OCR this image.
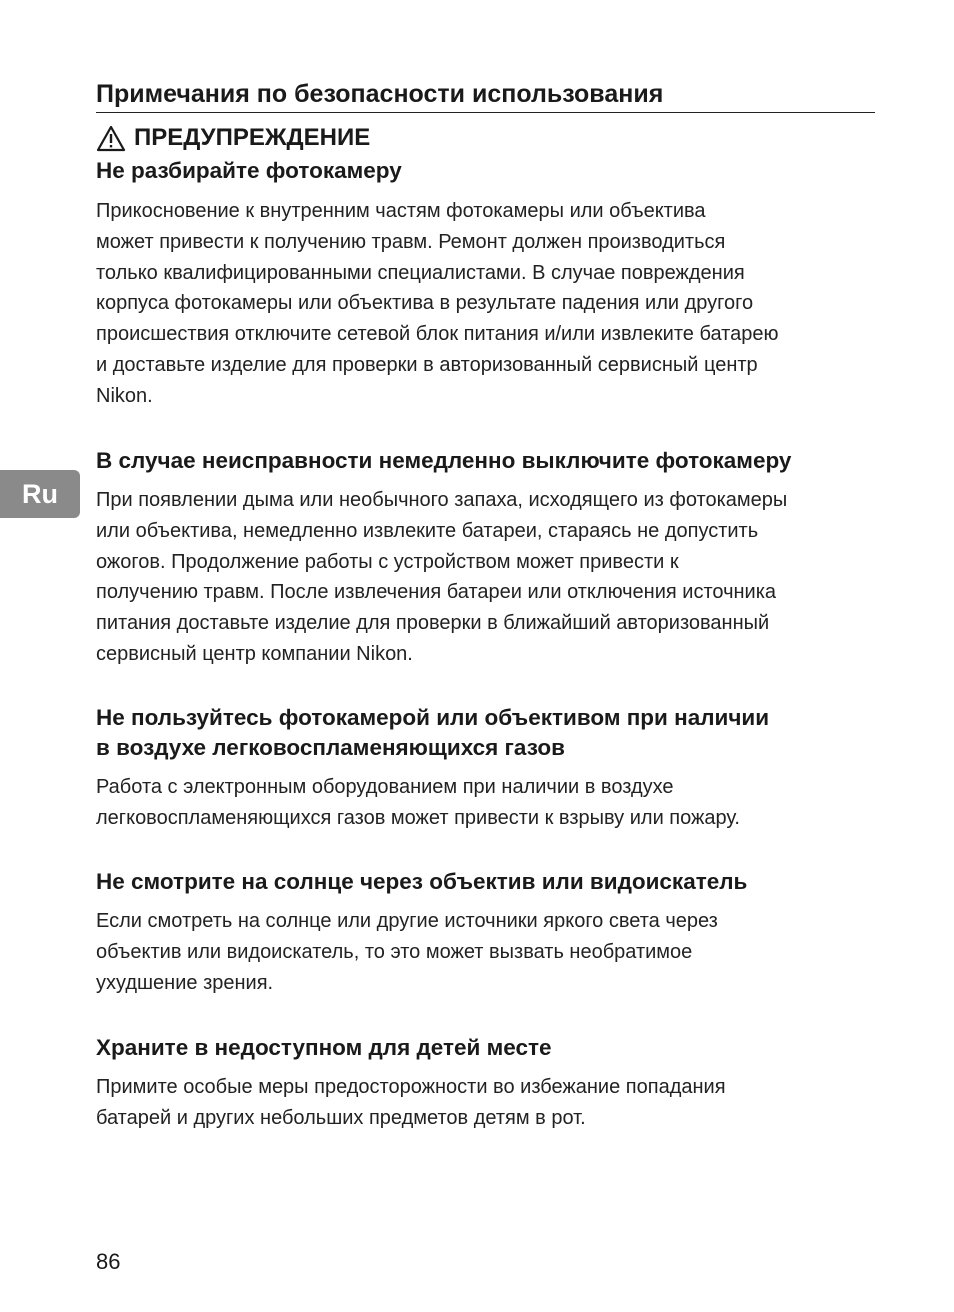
Примечания по безопасности использования
ПРЕДУПРЕЖДЕНИЕ
Не разбирайте фотокамеру

Прикосновение к внутренним частям фотокамеры или объектива
может привести к получению травм. Ремонт должен производиться
только квалифицированными специалистами. В случае повреждения
корпуса фотокамеры или объектива в результате падения или другого
происшествия отключите сетевой блок питания и/или извлеките батарею
и доставьте изделие для проверки в авторизованный сервисный центр
Nikon.

В случае неисправности немедленно выключите фотокамеру

При появлении дыма или необычного запаха, исходящего из фотокамеры
или объектива, немедленно извлеките батареи, стараясь не допустить
ожогов. Продолжение работы с устройством может привести к
получению травм. После извлечения батареи или отключения источника
питания доставьте изделие для проверки в ближайший авторизованный
сервисный центр компании Nikon.

Не пользуйтесь фотокамерой или объективом при наличии
в воздухе легковоспламеняющихся газов

Работа с электронным оборудованием при наличии в воздухе
легковоспламеняющихся газов может привести к взрыву или пожару.

Не смотрите на солнце через объектив или видоискатель

Если смотреть на солнце или другие источники яркого света через
объектив или видоискатель, то это может вызвать необратимое
ухудшение зрения.

Храните в недоступном для детей месте

Примите особые меры предосторожности во избежание попадания
батарей и других небольших предметов детям в рот.

Ru
86
